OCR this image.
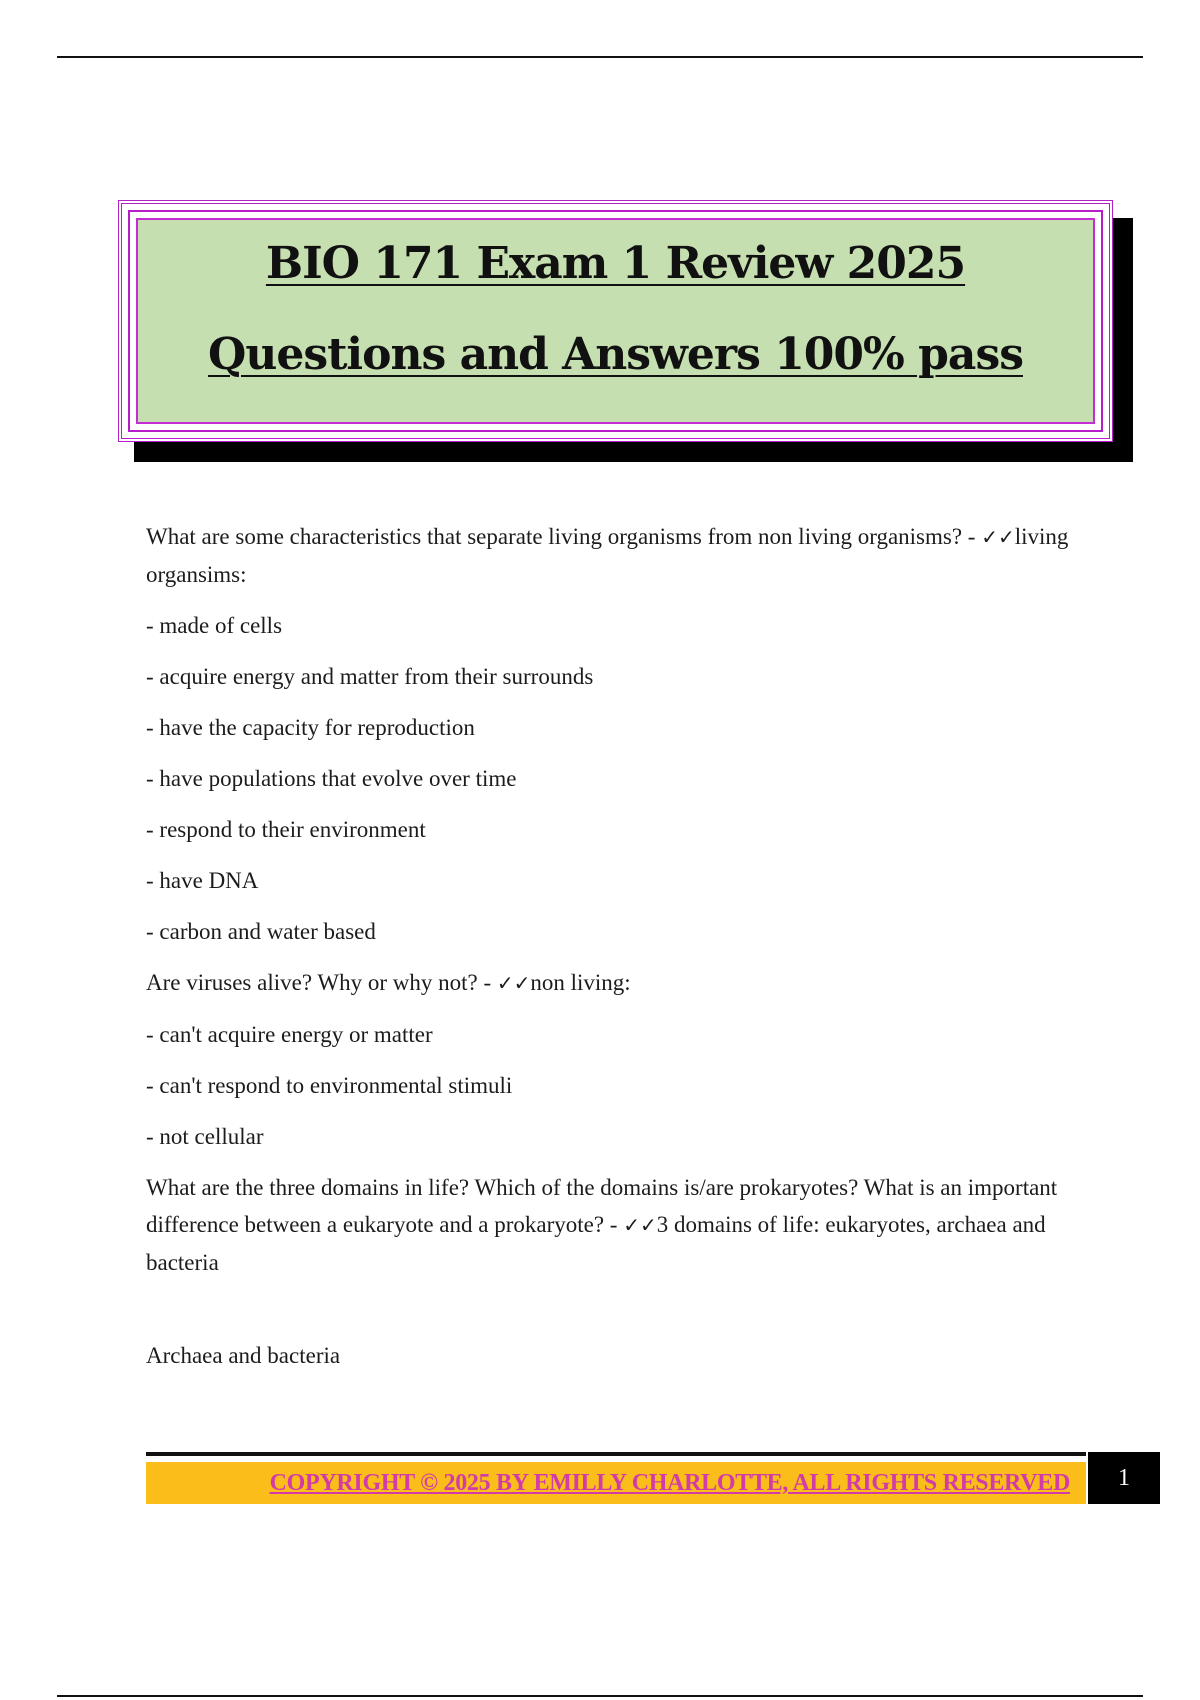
BIO 171 Exam 1 Review 2025
Questions and Answers 100% pass

What are some characteristics that separate living organisms from non living organisms? - ✓✓living organsims:

- made of cells

- acquire energy and matter from their surrounds

- have the capacity for reproduction

- have populations that evolve over time

- respond to their environment

- have DNA

- carbon and water based

Are viruses alive? Why or why not? - ✓✓non living:

- can't acquire energy or matter

- can't respond to environmental stimuli

- not cellular

What are the three domains in life? Which of the domains is/are prokaryotes? What is an important difference between a eukaryote and a prokaryote? - ✓✓3 domains of life: eukaryotes, archaea and bacteria

Archaea and bacteria

COPYRIGHT © 2025 BY EMILLY CHARLOTTE, ALL RIGHTS RESERVED	1
